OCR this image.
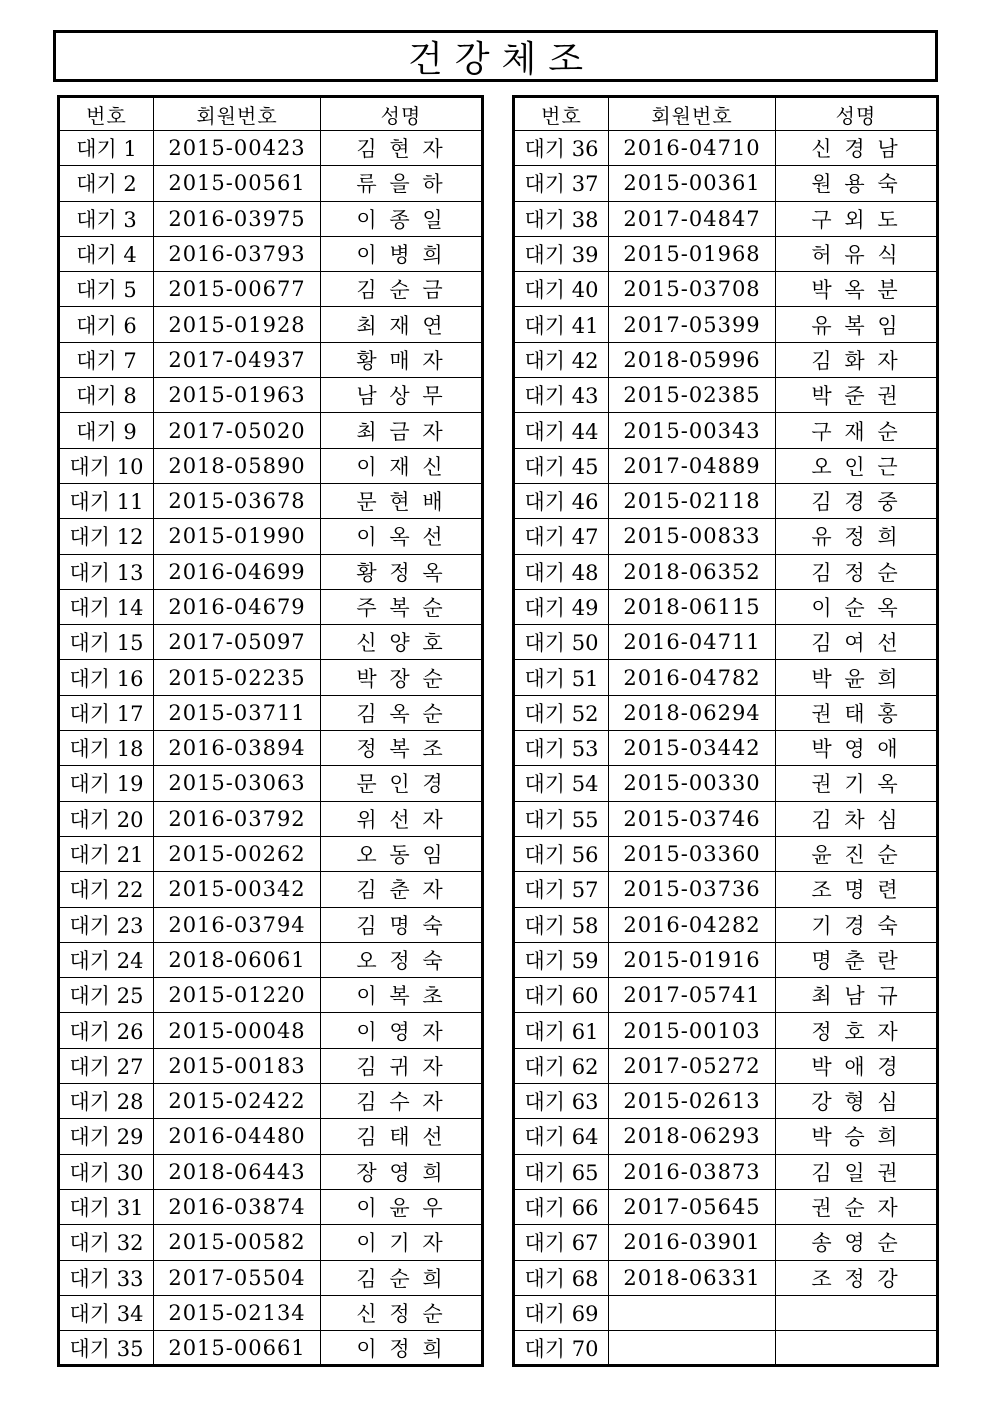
건강체조
번호	회원번호	성명
대기 1	2015-00423	김 현 자
대기 2	2015-00561	류 을 하
대기 3	2016-03975	이 종 일
대기 4	2016-03793	이 병 희
대기 5	2015-00677	김 순 금
대기 6	2015-01928	최 재 연
대기 7	2017-04937	황 매 자
대기 8	2015-01963	남 상 무
대기 9	2017-05020	최 금 자
대기 10	2018-05890	이 재 신
대기 11	2015-03678	문 현 배
대기 12	2015-01990	이 옥 선
대기 13	2016-04699	황 정 옥
대기 14	2016-04679	주 복 순
대기 15	2017-05097	신 양 호
대기 16	2015-02235	박 장 순
대기 17	2015-03711	김 옥 순
대기 18	2016-03894	정 복 조
대기 19	2015-03063	문 인 경
대기 20	2016-03792	위 선 자
대기 21	2015-00262	오 동 임
대기 22	2015-00342	김 춘 자
대기 23	2016-03794	김 명 숙
대기 24	2018-06061	오 정 숙
대기 25	2015-01220	이 복 초
대기 26	2015-00048	이 영 자
대기 27	2015-00183	김 귀 자
대기 28	2015-02422	김 수 자
대기 29	2016-04480	김 태 선
대기 30	2018-06443	장 영 희
대기 31	2016-03874	이 윤 우
대기 32	2015-00582	이 기 자
대기 33	2017-05504	김 순 희
대기 34	2015-02134	신 정 순
대기 35	2015-00661	이 정 희
번호	회원번호	성명
대기 36	2016-04710	신 경 남
대기 37	2015-00361	원 용 숙
대기 38	2017-04847	구 외 도
대기 39	2015-01968	허 유 식
대기 40	2015-03708	박 옥 분
대기 41	2017-05399	유 복 임
대기 42	2018-05996	김 화 자
대기 43	2015-02385	박 준 권
대기 44	2015-00343	구 재 순
대기 45	2017-04889	오 인 근
대기 46	2015-02118	김 경 중
대기 47	2015-00833	유 정 희
대기 48	2018-06352	김 정 순
대기 49	2018-06115	이 순 옥
대기 50	2016-04711	김 여 선
대기 51	2016-04782	박 윤 희
대기 52	2018-06294	권 태 홍
대기 53	2015-03442	박 영 애
대기 54	2015-00330	권 기 옥
대기 55	2015-03746	김 차 심
대기 56	2015-03360	윤 진 순
대기 57	2015-03736	조 명 련
대기 58	2016-04282	기 경 숙
대기 59	2015-01916	명 춘 란
대기 60	2017-05741	최 남 규
대기 61	2015-00103	정 호 자
대기 62	2017-05272	박 애 경
대기 63	2015-02613	강 형 심
대기 64	2018-06293	박 승 희
대기 65	2016-03873	김 일 권
대기 66	2017-05645	권 순 자
대기 67	2016-03901	송 영 순
대기 68	2018-06331	조 정 강
대기 69		
대기 70		
